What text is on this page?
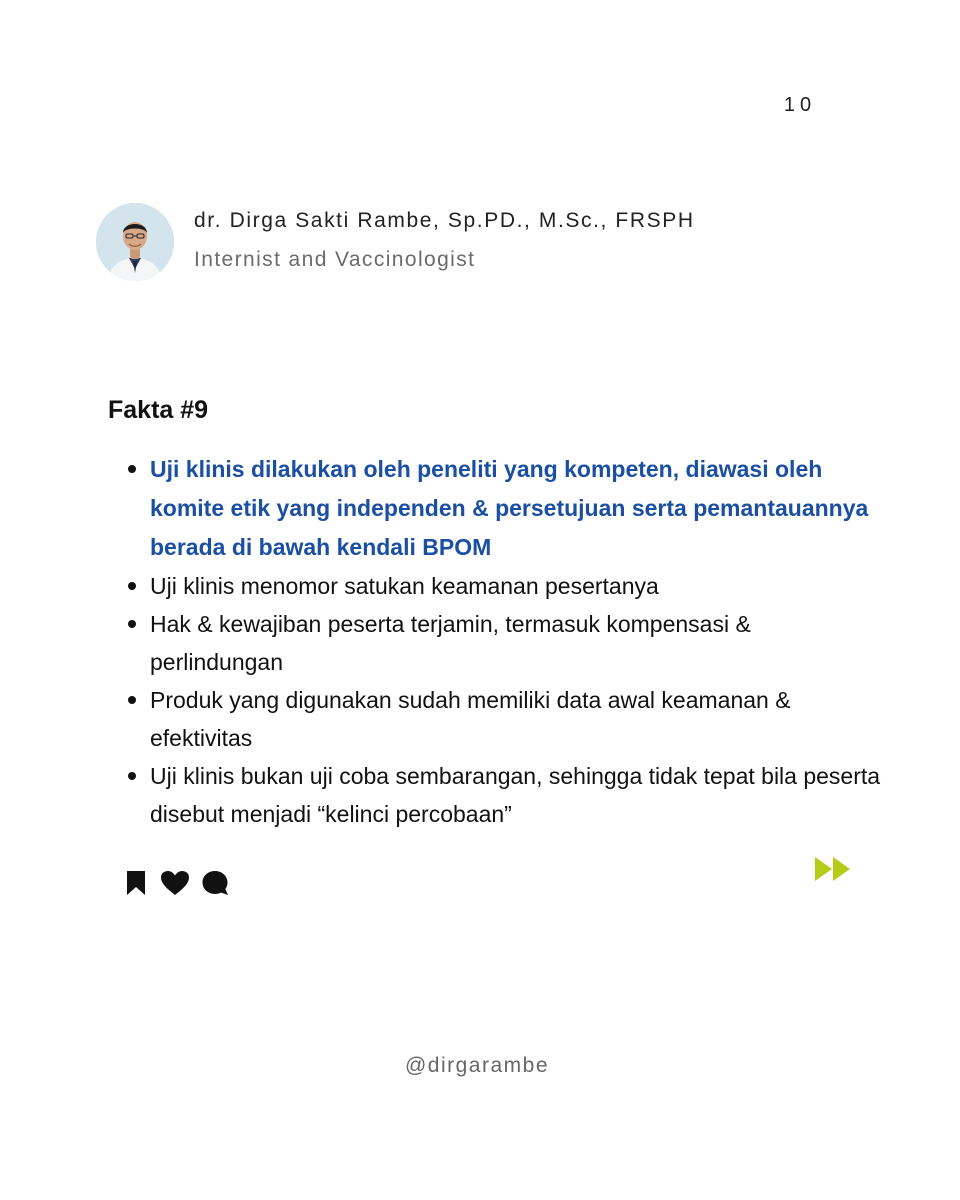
10
dr. Dirga Sakti Rambe, Sp.PD., M.Sc., FRSPH
Internist and Vaccinologist
Fakta #9
Uji klinis dilakukan oleh peneliti yang kompeten, diawasi oleh komite etik yang independen & persetujuan serta pemantauannya berada di bawah kendali BPOM
Uji klinis menomor satukan keamanan pesertanya
Hak & kewajiban peserta terjamin, termasuk kompensasi & perlindungan
Produk yang digunakan sudah memiliki data awal keamanan & efektivitas
Uji klinis bukan uji coba sembarangan, sehingga tidak tepat bila peserta disebut menjadi “kelinci percobaan”
@dirgarambe
